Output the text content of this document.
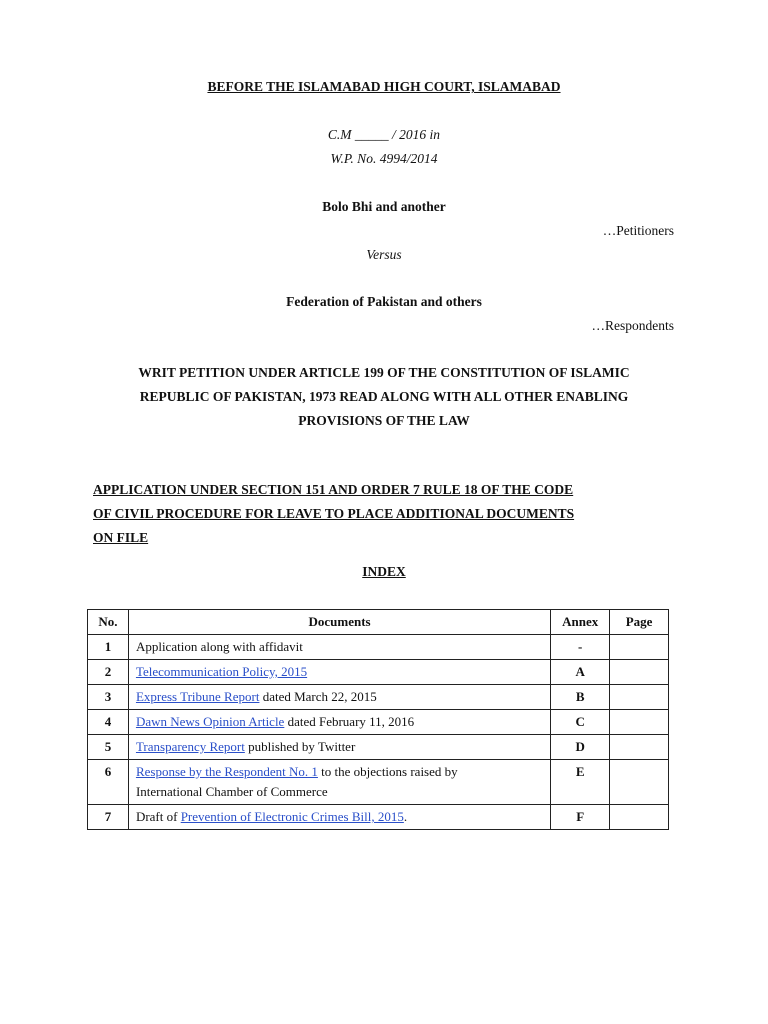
BEFORE THE ISLAMABAD HIGH COURT, ISLAMABAD
C.M _____ / 2016 in
W.P. No. 4994/2014
Bolo Bhi and another
…Petitioners
Versus
Federation of Pakistan and others
…Respondents
WRIT PETITION UNDER ARTICLE 199 OF THE CONSTITUTION OF ISLAMIC
REPUBLIC OF PAKISTAN, 1973 READ ALONG WITH ALL OTHER ENABLING
PROVISIONS OF THE LAW
APPLICATION UNDER SECTION 151 AND ORDER 7 RULE 18 OF THE CODE
OF CIVIL PROCEDURE FOR LEAVE TO PLACE ADDITIONAL DOCUMENTS
ON FILE
INDEX
No.	Documents	Annex	Page
1	Application along with affidavit	-	
2	Telecommunication Policy, 2015	A	
3	Express Tribune Report dated March 22, 2015	B	
4	Dawn News Opinion Article dated February 11, 2016	C	
5	Transparency Report published by Twitter	D	
6	Response by the Respondent No. 1 to the objections raised by
International Chamber of Commerce	E	
7	Draft of Prevention of Electronic Crimes Bill, 2015.	F	
